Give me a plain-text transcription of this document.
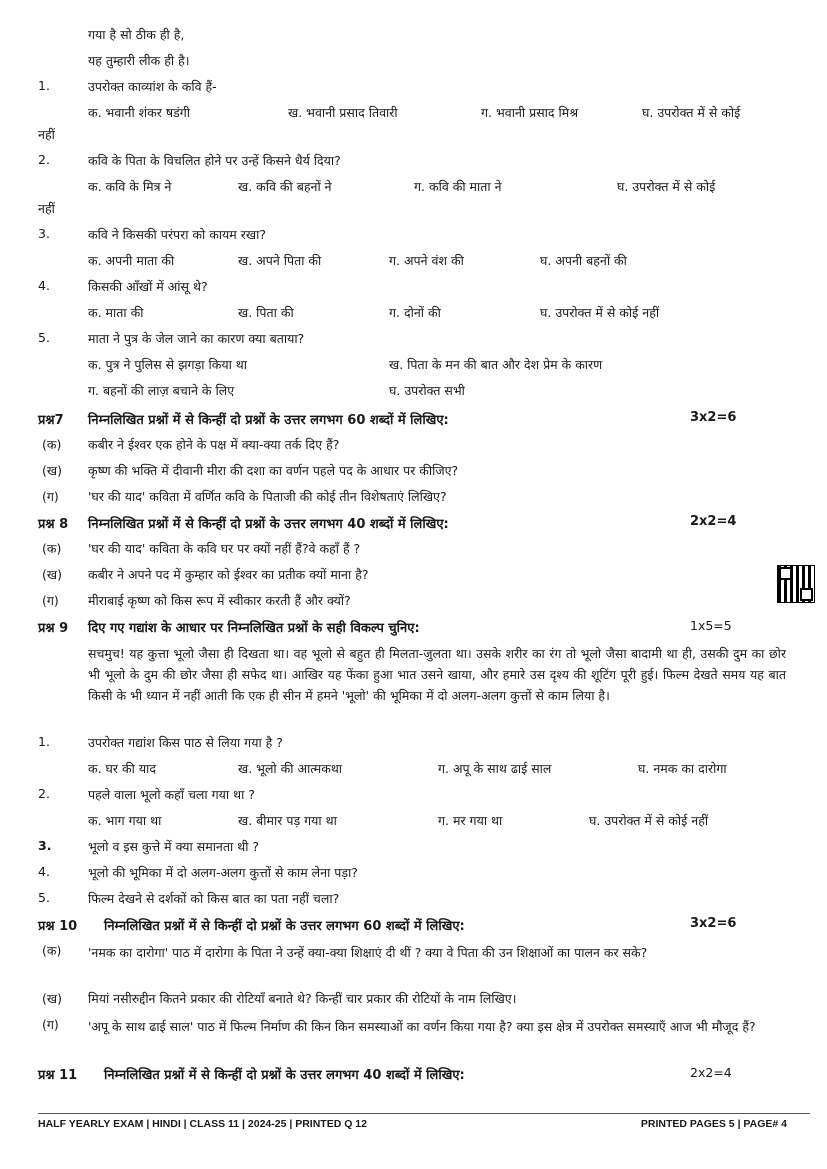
गया है सो ठीक ही है,
यह तुम्हारी लीक ही है।
1.	उपरोक्त काव्यांश के कवि हैं-
क. भवानी शंकर षडंगी	ख. भवानी प्रसाद तिवारी	ग. भवानी प्रसाद मिश्र	घ. उपरोक्त में से कोई
नहीं
2.	कवि के पिता के विचलित होने पर उन्हें किसने धैर्य दिया?
क. कवि के मित्र ने	ख. कवि की बहनों ने	ग. कवि की माता ने	घ. उपरोक्त में से कोई
नहीं
3.	कवि ने किसकी परंपरा को कायम रखा?
क. अपनी माता की	ख. अपने पिता की	ग. अपने वंश की	घ. अपनी बहनों की
4.	किसकी आँखों में आंसू थे?
क. माता की	ख. पिता की	ग. दोनों की	घ. उपरोक्त में से कोई नहीं
5.	माता ने पुत्र के जेल जाने का कारण क्या बताया?
क. पुत्र ने पुलिस से झगड़ा किया था	ख. पिता के मन की बात और देश प्रेम के कारण
ग. बहनों की लाज़ बचाने के लिए	घ. उपरोक्त सभी
प्रश्न7 निम्नलिखित प्रश्नों में से किन्हीं दो प्रश्नों के उत्तर लगभग 60 शब्दों में लिखिए:	3x2=6
(क) कबीर ने ईश्वर एक होने के पक्ष में क्या-क्या तर्क दिए हैं?
(ख) कृष्ण की भक्ति में दीवानी मीरा की दशा का वर्णन पहले पद के आधार पर कीजिए?
(ग) 'घर की याद' कविता में वर्णित कवि के पिताजी की कोई तीन विशेषताएं लिखिए?
प्रश्न 8 निम्नलिखित प्रश्नों में से किन्हीं दो प्रश्नों के उत्तर लगभग 40 शब्दों में लिखिए:	2x2=4
(क) 'घर की याद' कविता के कवि घर पर क्यों नहीं हैं?वे कहाँ हैं ?
(ख) कबीर ने अपने पद में कुम्हार को ईश्वर का प्रतीक क्यों माना है?
(ग) मीराबाई कृष्ण को किस रूप में स्वीकार करती हैं और क्यों?
प्रश्न 9 दिए गए गद्यांश के आधार पर निम्नलिखित प्रश्नों के सही विकल्प चुनिए:	1x5=5
सचमुच! यह कुत्ता भूलो जैसा ही दिखता था। वह भूलो से बहुत ही मिलता-जुलता था। उसके शरीर का रंग तो भूलो जैसा बादामी था ही, उसकी दुम का छोर भी भूलो के दुम की छोर जैसा ही सफेद था। आखिर यह फेंका हुआ भात उसने खाया, और हमारे उस दृश्य की शूटिंग पूरी हुई। फिल्म देखते समय यह बात किसी के भी ध्यान में नहीं आती कि एक ही सीन में हमने 'भूलो' की भूमिका में दो अलग-अलग कुत्तों से काम लिया है।
1.	उपरोक्त गद्यांश किस पाठ से लिया गया है ?
क. घर की याद	ख. भूलो की आत्मकथा	ग. अपू के साथ ढाई साल	घ. नमक का दारोगा
2.	पहले वाला भूलो कहाँ चला गया था ?
क. भाग गया था	ख. बीमार पड़ गया था	ग. मर गया था	घ. उपरोक्त में से कोई नहीं
3.	भूलो व इस कुत्ते में क्या समानता थी ?
4.	भूलो की भूमिका में दो अलग-अलग कुत्तों से काम लेना पड़ा?
5.	फिल्म देखने से दर्शकों को किस बात का पता नहीं चला?
प्रश्न 10 निम्नलिखित प्रश्नों में से किन्हीं दो प्रश्नों के उत्तर लगभग 60 शब्दों में लिखिए:	3x2=6
(क) 'नमक का दारोगा' पाठ में दारोगा के पिता ने उन्हें क्या-क्या शिक्षाएं दी थीं ? क्या वे पिता की उन शिक्षाओं का पालन कर सके?
(ख) मियां नसीरुद्दीन कितने प्रकार की रोटियाँ बनाते थे? किन्हीं चार प्रकार की रोटियों के नाम लिखिए।
(ग) 'अपू के साथ ढाई साल' पाठ में फिल्म निर्माण की किन किन समस्याओं का वर्णन किया गया है? क्या इस क्षेत्र में उपरोक्त समस्याएँ आज भी मौजूद हैं?
प्रश्न 11 निम्नलिखित प्रश्नों में से किन्हीं दो प्रश्नों के उत्तर लगभग 40 शब्दों में लिखिए:	2x2=4
HALF YEARLY EXAM | HINDI | CLASS 11 | 2024-25 | PRINTED Q 12	PRINTED PAGES 5 | PAGE# 4
